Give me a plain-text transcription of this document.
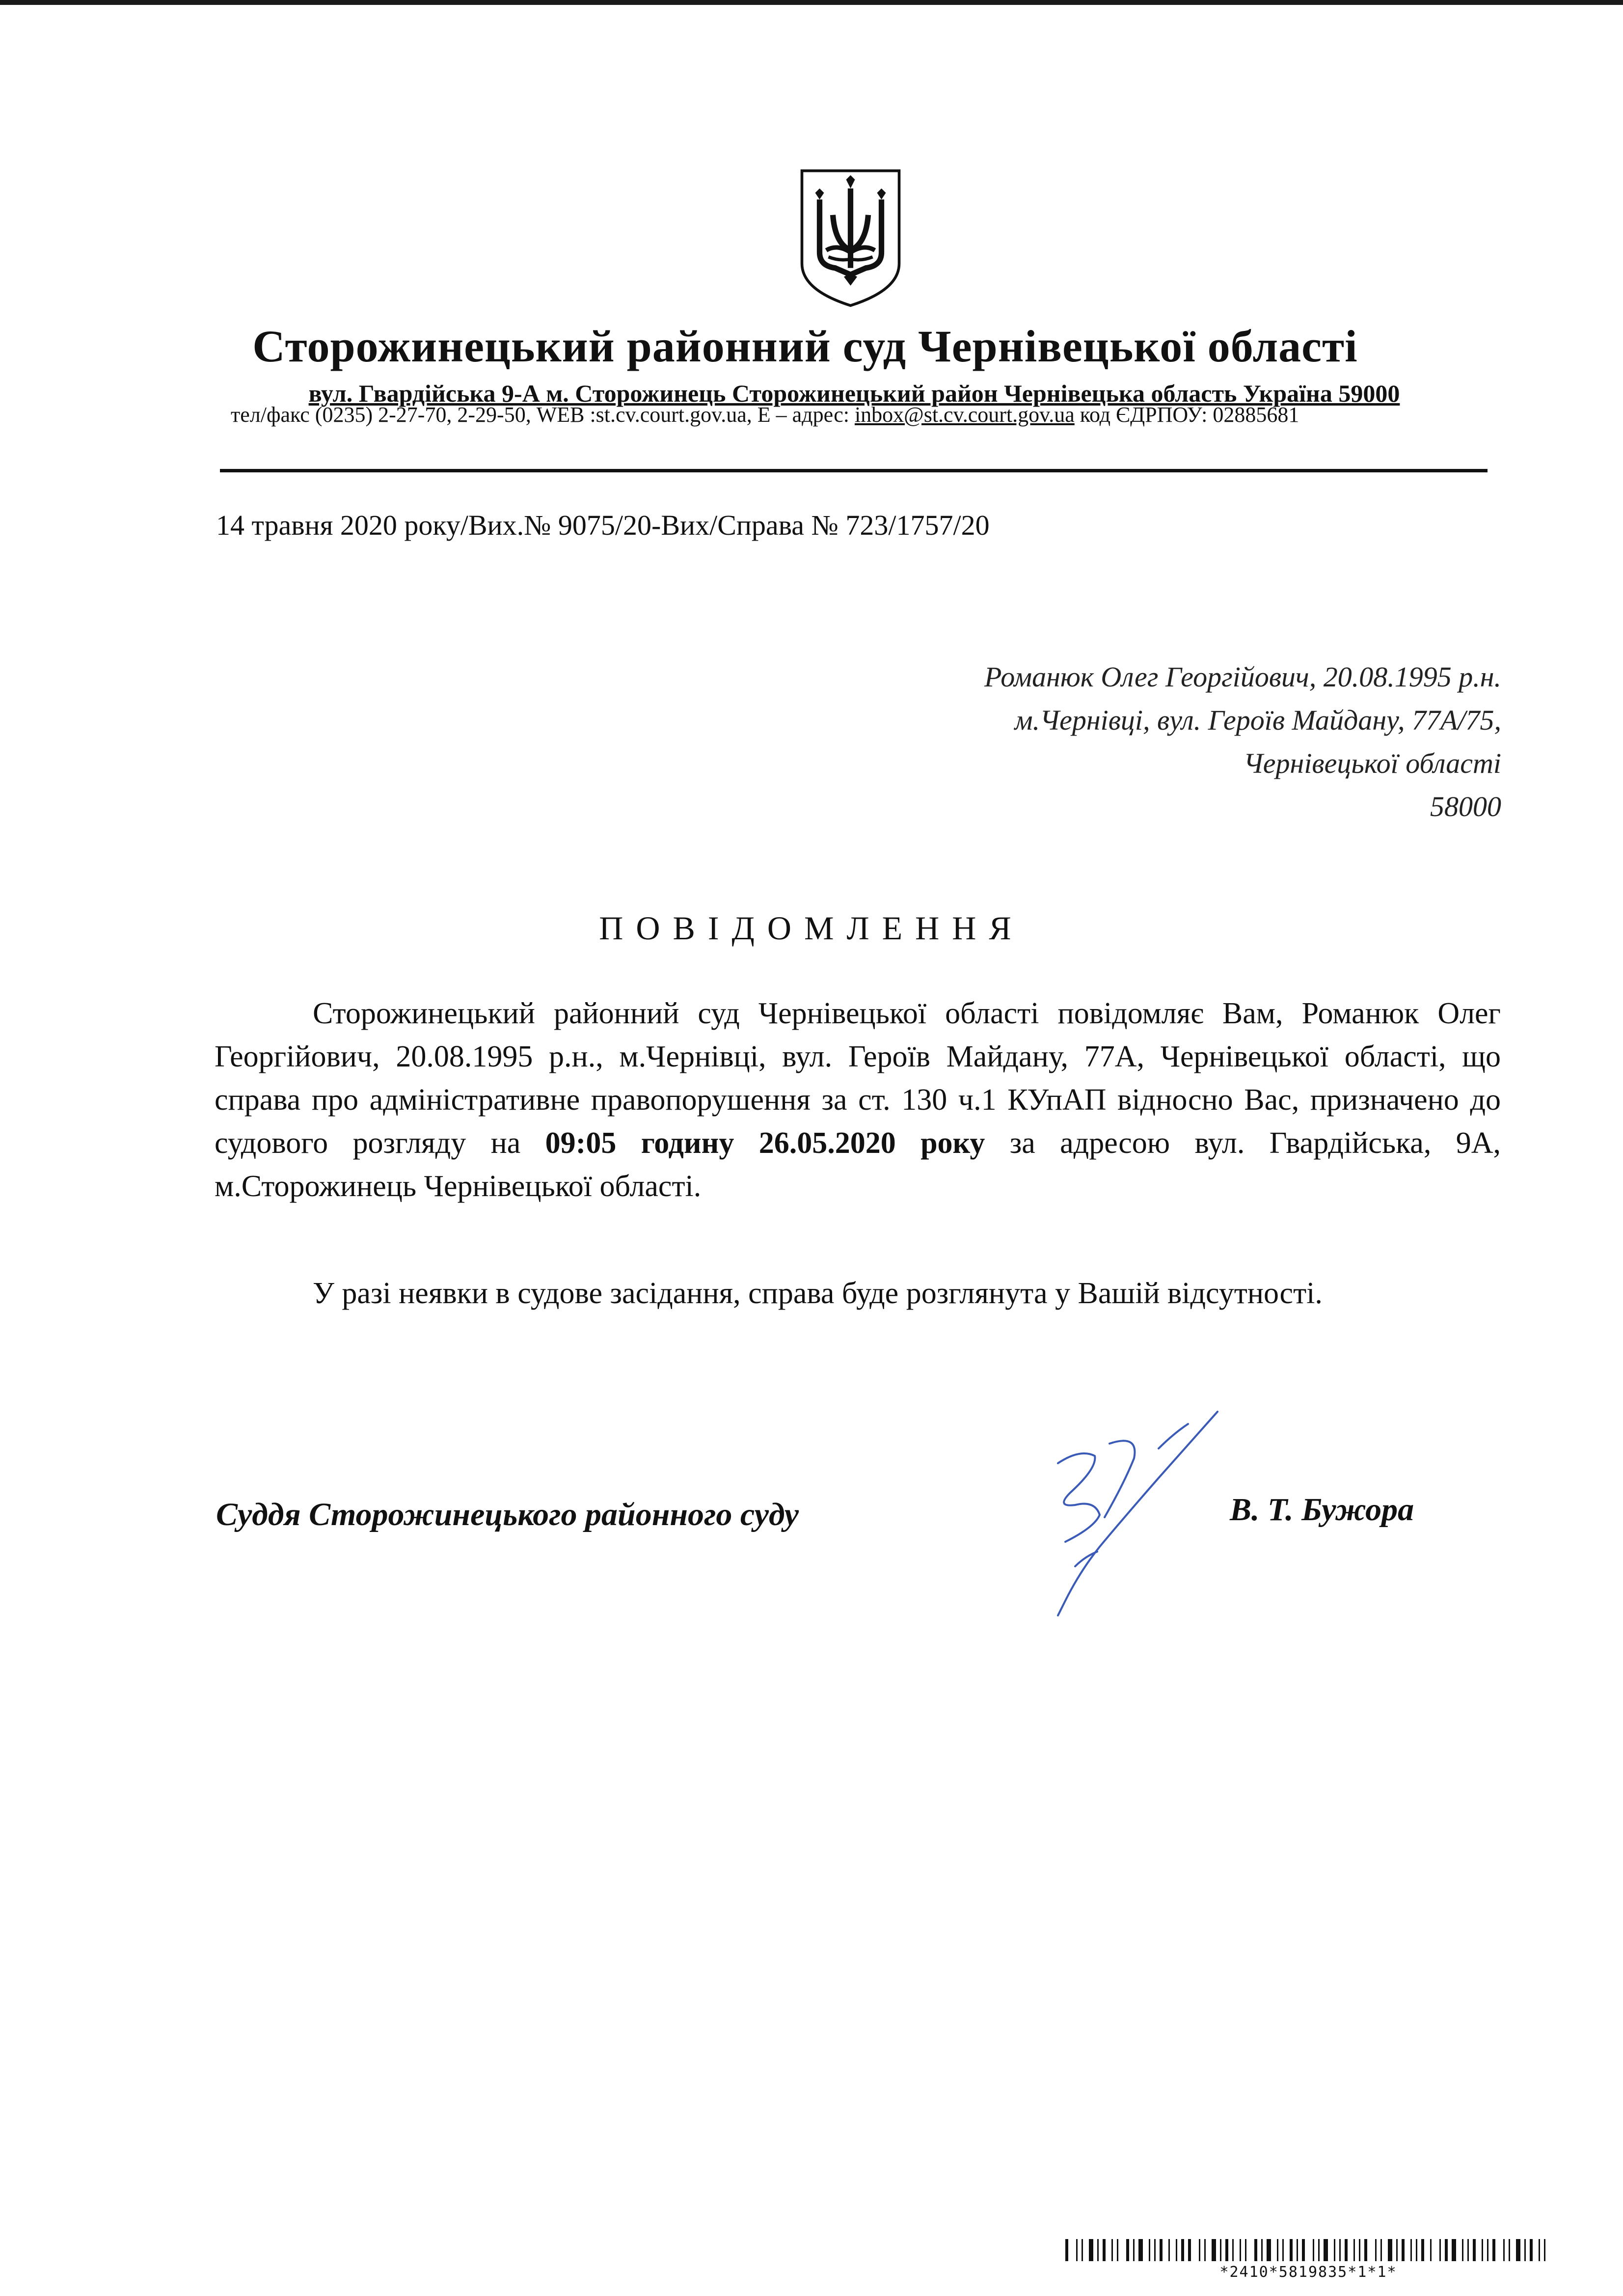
Сторожинецький районний суд Чернівецької області
вул. Гвардійська 9-А м. Сторожинець Сторожинецький район Чернівецька область Україна 59000
тел/факс (0235) 2-27-70, 2-29-50, WEB :st.cv.court.gov.ua, E – адрес: inbox@st.cv.court.gov.ua код ЄДРПОУ: 02885681
14 травня 2020 року/Вих.№ 9075/20-Вих/Справа № 723/1757/20
Романюк Олег Георгійович, 20.08.1995 р.н.
м.Чернівці, вул. Героїв Майдану, 77А/75,
Чернівецької області
58000
ПОВІДОМЛЕННЯ
Сторожинецький районний суд Чернівецької області повідомляє Вам, Романюк Олег Георгійович, 20.08.1995 р.н., м.Чернівці, вул. Героїв Майдану, 77А, Чернівецької області, що справа про адміністративне правопорушення за ст. 130 ч.1 КУпАП відносно Вас, призначено до судового розгляду на 09:05 годину 26.05.2020 року за адресою вул. Гвардійська, 9А, м.Сторожинець Чернівецької області.
У разі неявки в судове засідання, справа буде розглянута у Вашій відсутності.
Суддя Сторожинецького районного суду	В. Т. Бужора
*2410*5819835*1*1*
